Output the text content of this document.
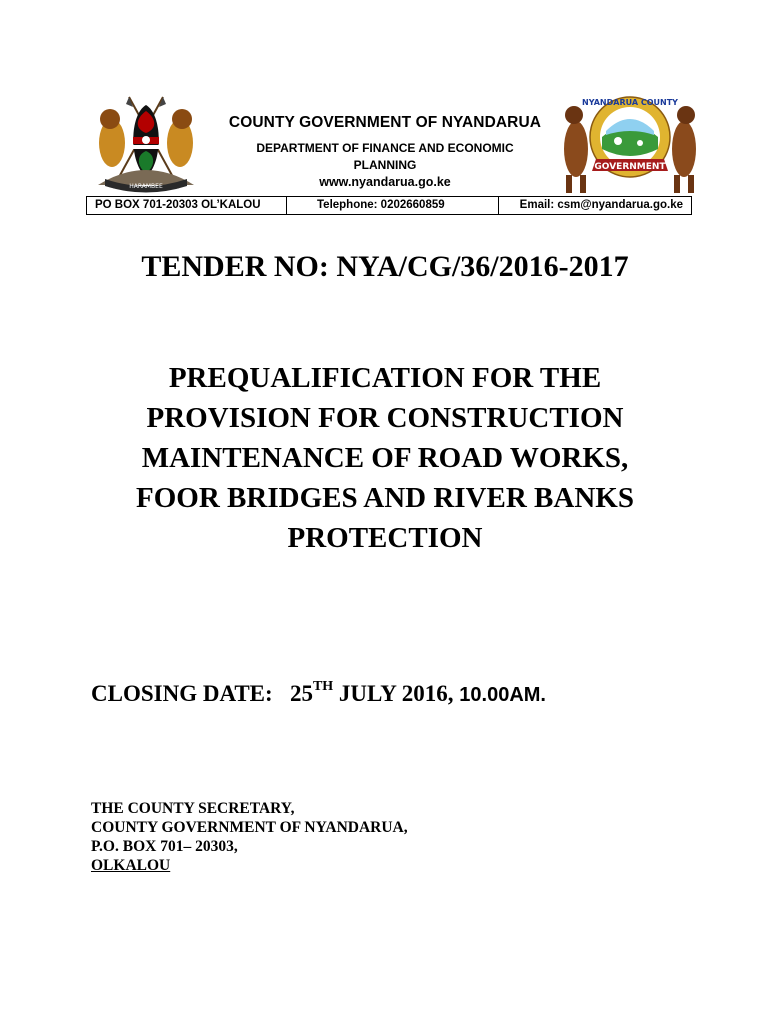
HARAMBEE
COUNTY GOVERNMENT OF NYANDARUA
DEPARTMENT OF FINANCE AND ECONOMIC
PLANNING
www.nyandarua.go.ke
NYANDARUA COUNTY
GOVERNMENT
PO BOX 701-20303 OL’KALOU	Telephone: 0202660859	Email: csm@nyandarua.go.ke
TENDER NO: NYA/CG/36/2016-2017
PREQUALIFICATION FOR THE
PROVISION FOR CONSTRUCTION
MAINTENANCE OF ROAD WORKS,
FOOR BRIDGES AND RIVER BANKS
PROTECTION
CLOSING DATE: 25TH JULY 2016, 10.00AM.
THE COUNTY SECRETARY,
COUNTY GOVERNMENT OF NYANDARUA,
P.O. BOX 701– 20303,
OLKALOU
